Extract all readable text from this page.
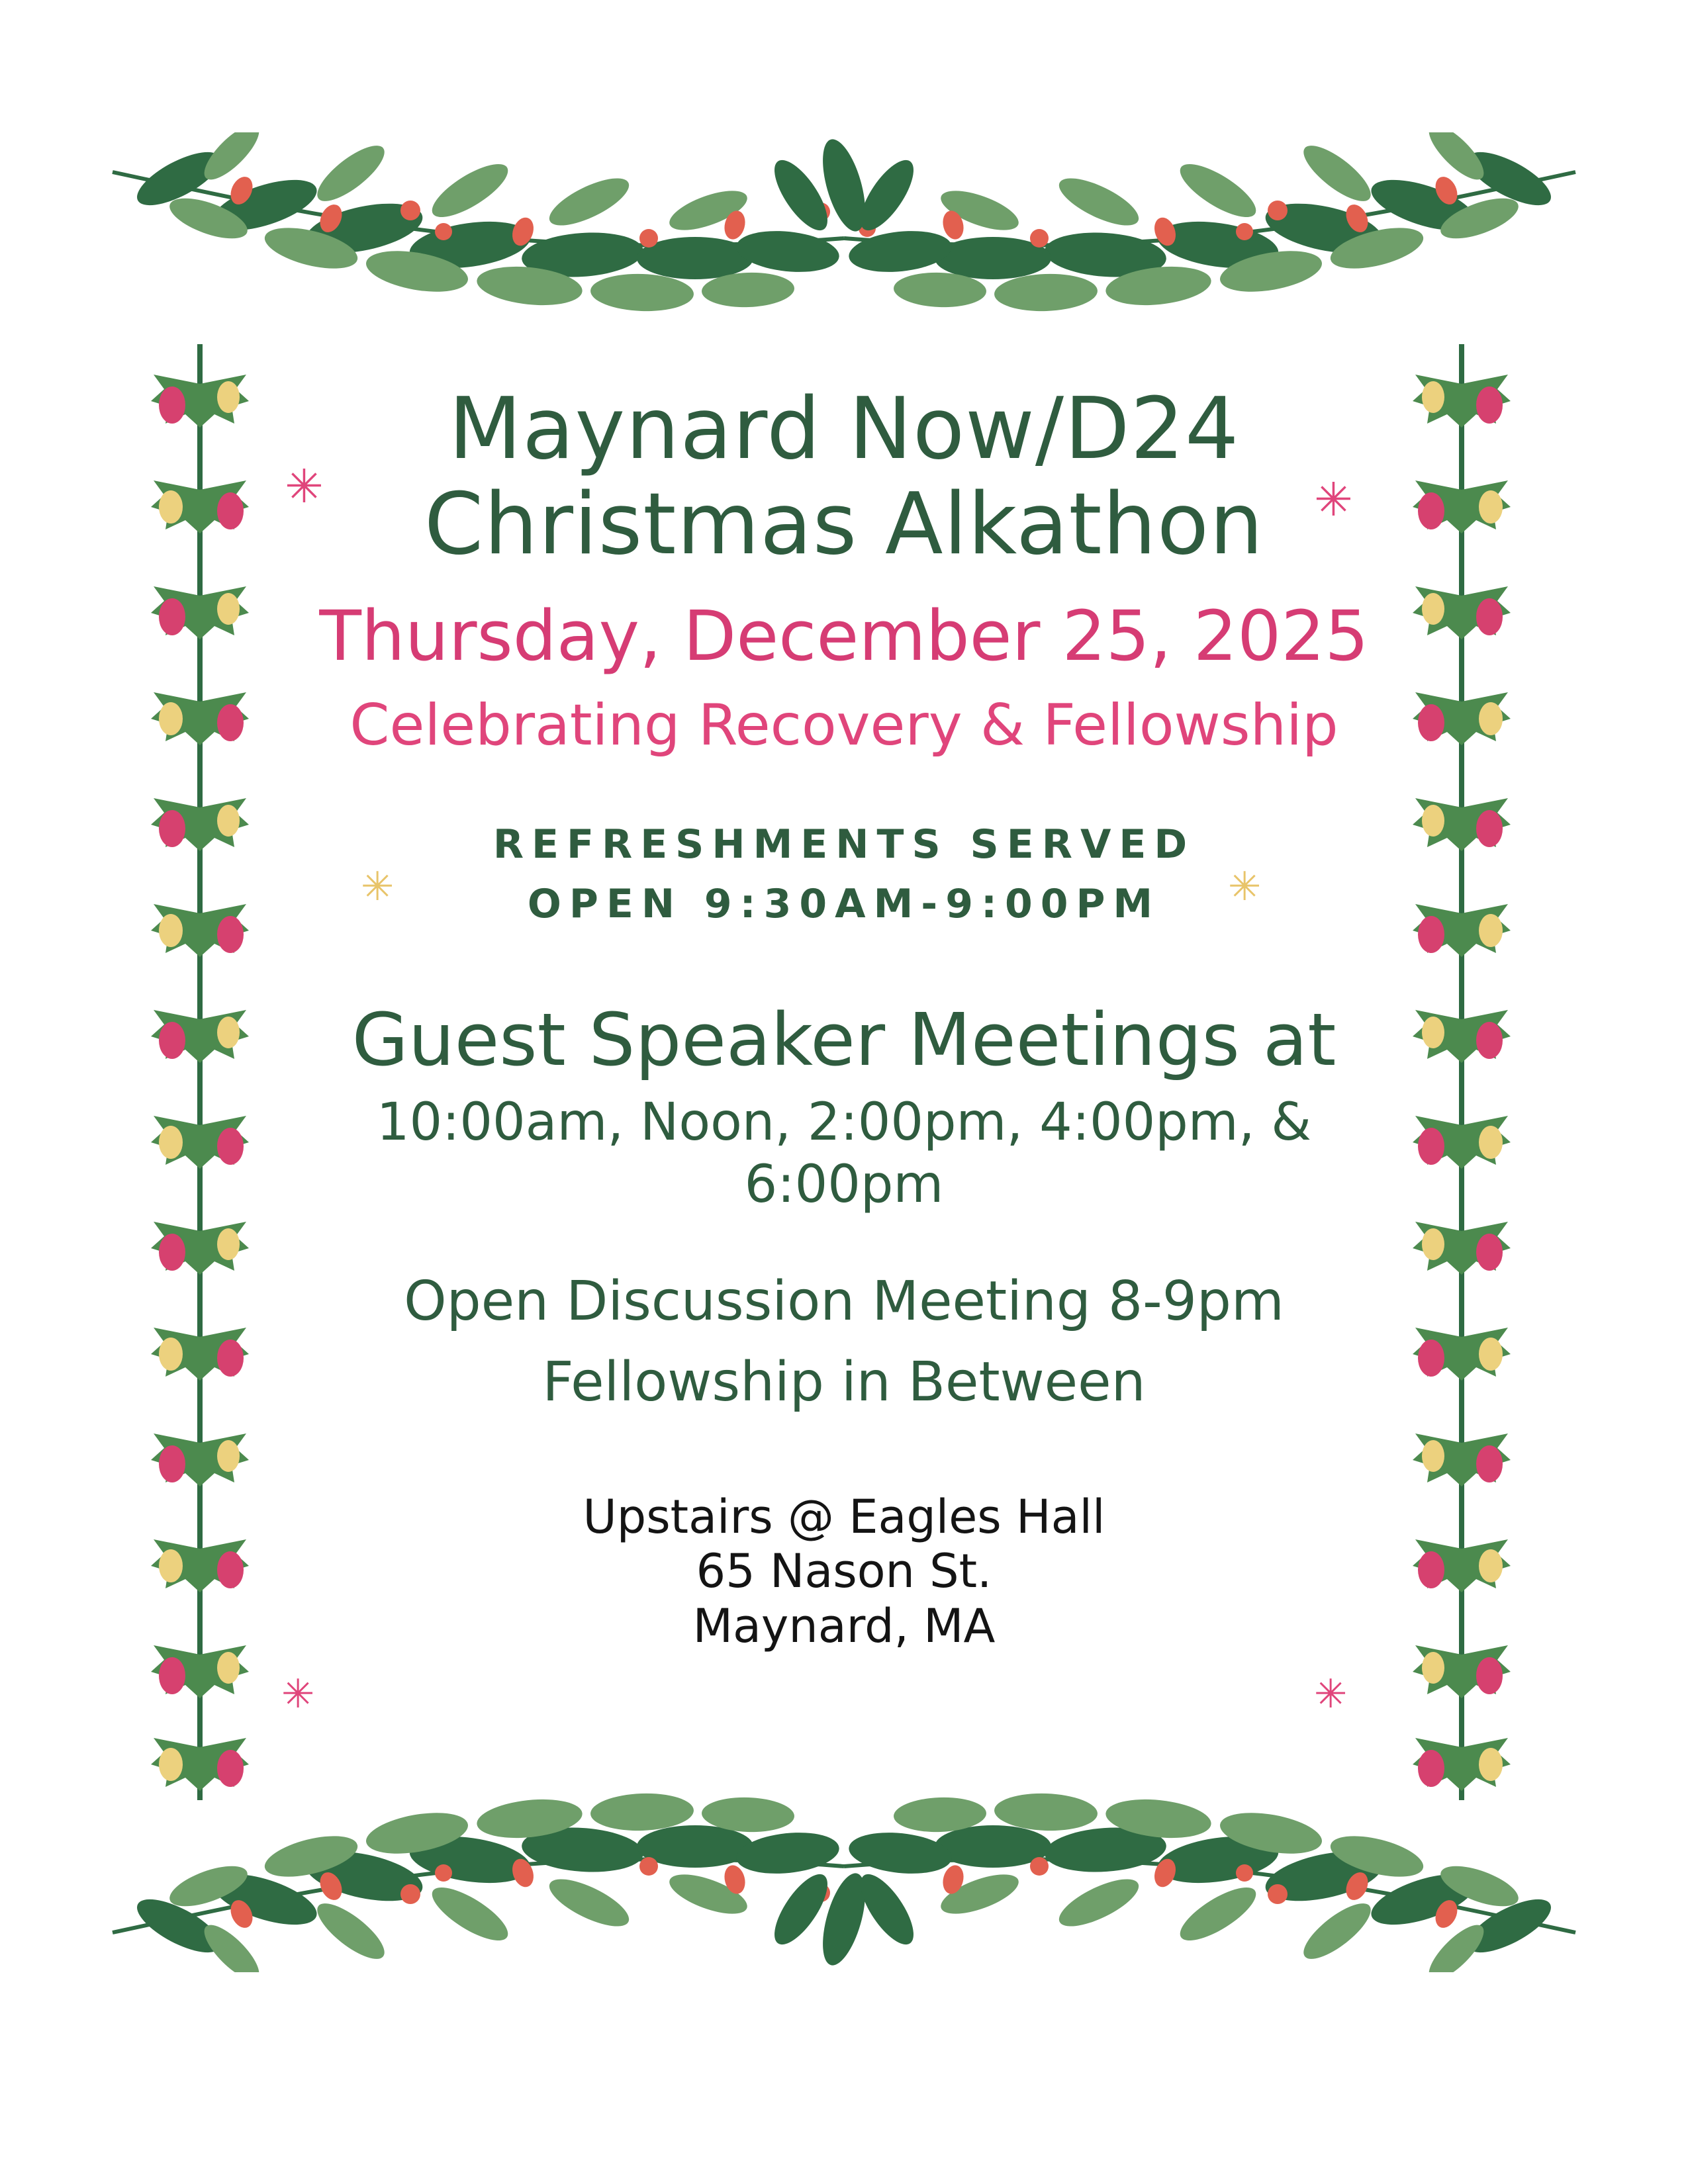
✳	✳
✳	✳
✳	✳
Maynard Now/D24
Christmas Alkathon
Thursday, December 25, 2025
Celebrating Recovery & Fellowship
REFRESHMENTS SERVED
OPEN 9:30AM-9:00PM
Guest Speaker Meetings at
10:00am, Noon, 2:00pm, 4:00pm, & 6:00pm
Open Discussion Meeting 8-9pm
Fellowship in Between
Upstairs @ Eagles Hall
65 Nason St.
Maynard, MA
